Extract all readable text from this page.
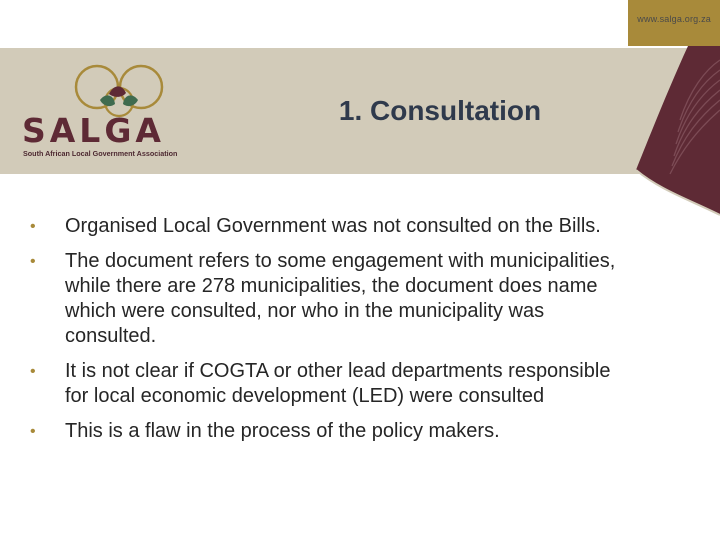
www.salga.org.za
SALGA
South African Local Government Association
1. Consultation
•	Organised Local Government was not consulted on the Bills.
•	The document refers to some engagement with municipalities, while there are 278 municipalities, the document does name which were consulted, nor who in the municipality was consulted.
•	It is not clear if COGTA or other lead departments responsible for local economic development (LED) were consulted
•	This is a flaw in the process of the policy makers.
